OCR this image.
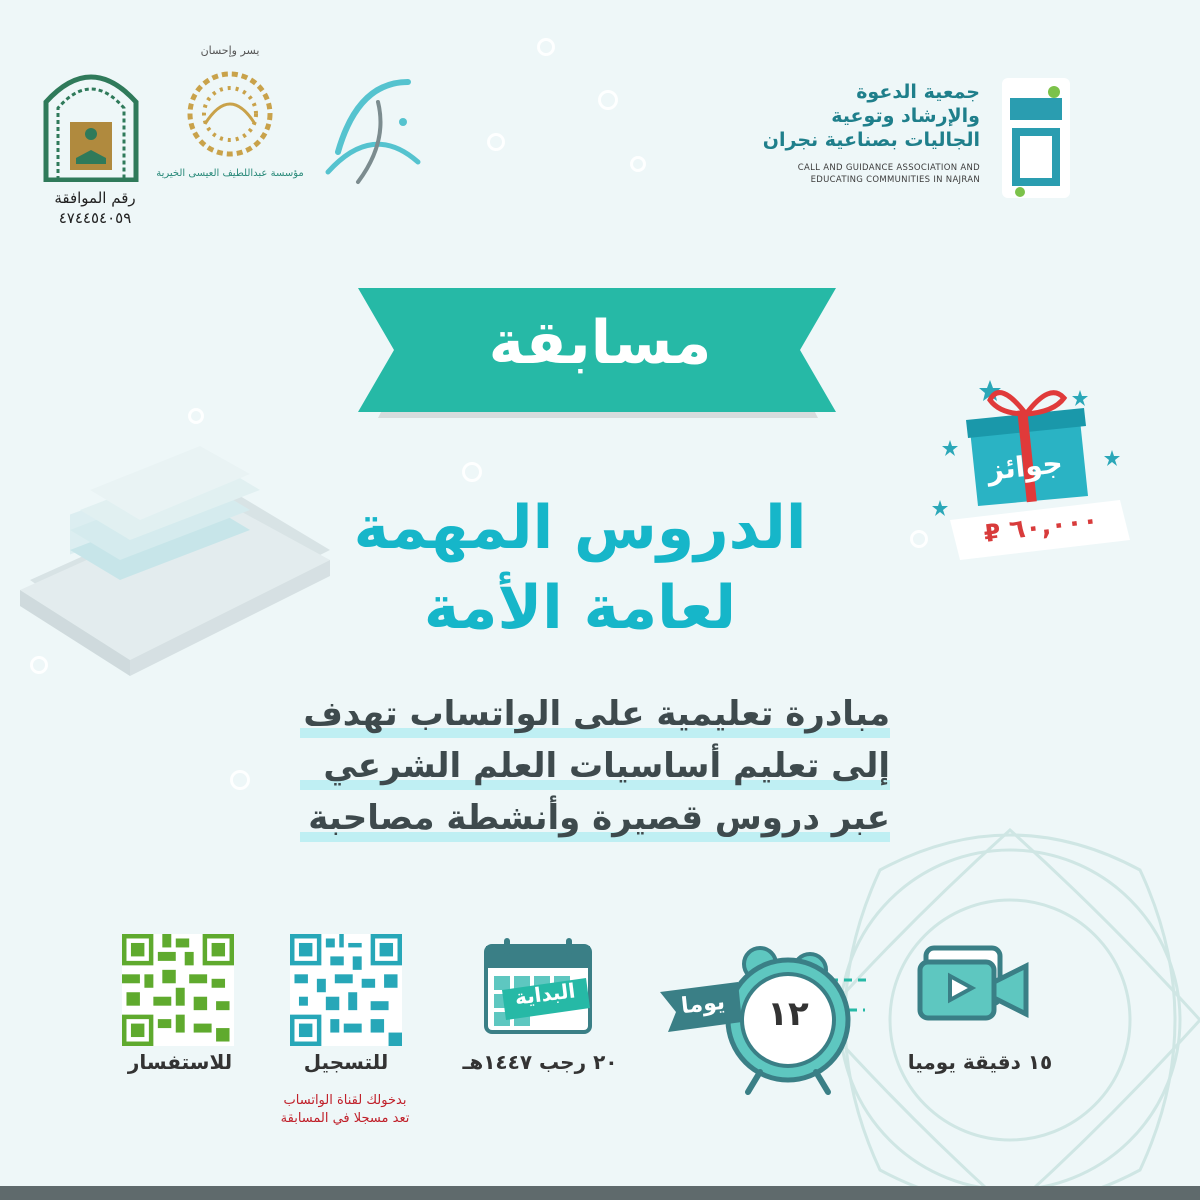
جمعية الدعوة
والإرشاد وتوعية
الجاليات بصناعية نجران
CALL AND GUIDANCE ASSOCIATION AND
EDUCATING COMMUNITIES IN NAJRAN
يسر وإحسان
مؤسسة عبداللطيف العيسى الخيرية
رقم الموافقة
٤٧٤٤٥٤٠٥٩
مسابقة
جوائز
٦٠,٠٠٠ ₽
الدروس المهمة
لعامة الأمة
مبادرة تعليمية على الواتساب تهدف
إلى تعليم أساسيات العلم الشرعي
عبر دروس قصيرة وأنشطة مصاحبة
١٥ دقيقة يوميا
١٢
يوما
البداية
٢٠ رجب ١٤٤٧هـ
للتسجيل
بدخولك لقناة الواتساب
تعد مسجلا في المسابقة
للاستفسار
